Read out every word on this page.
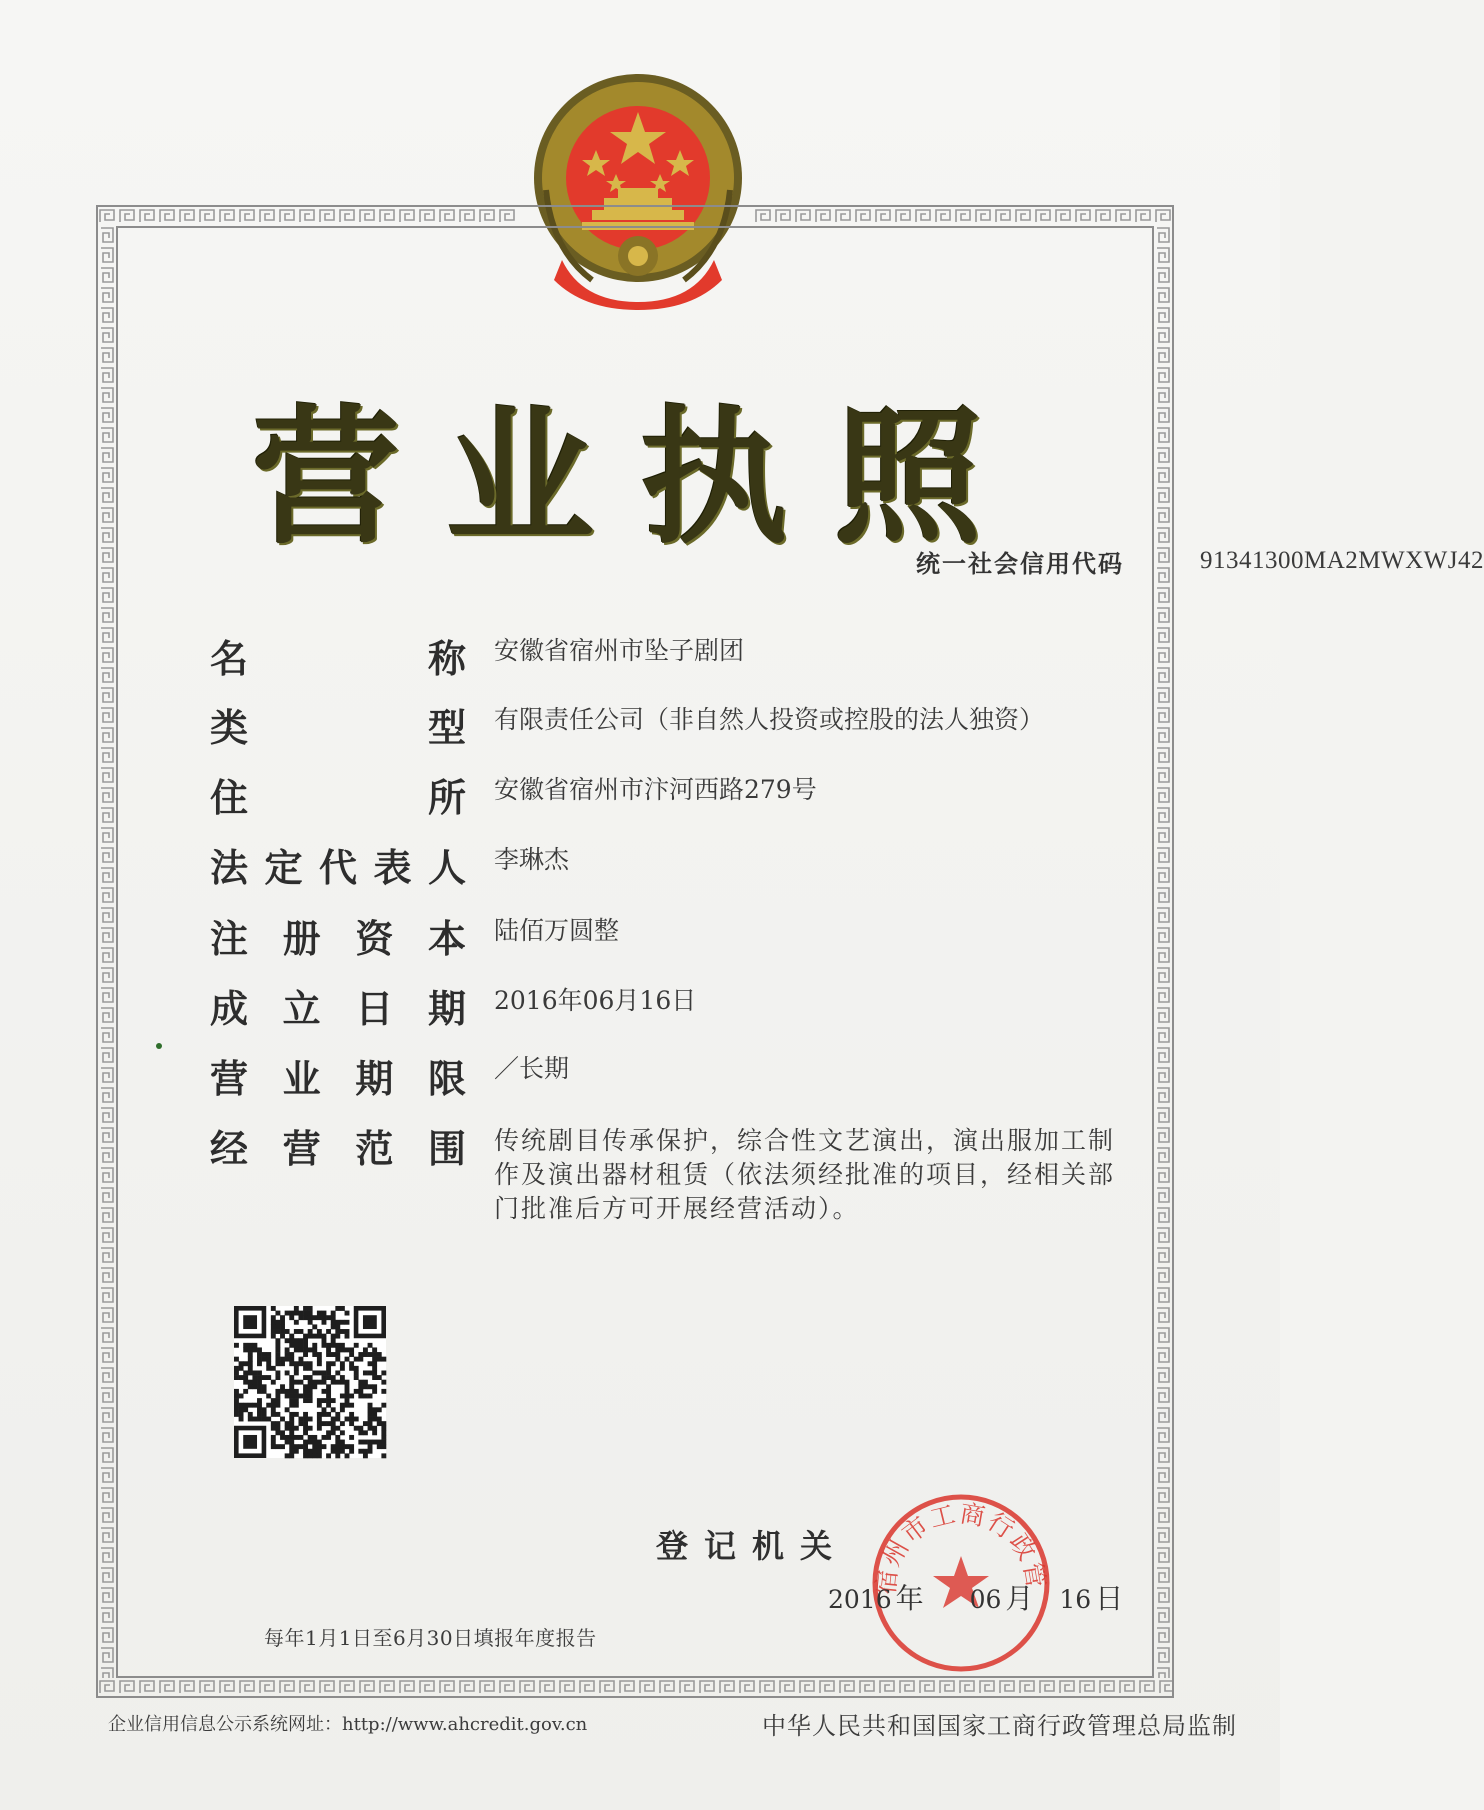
营业执照
统一社会信用代码	91341300MA2MWXWJ42
名	称 安徽省宿州市坠子剧团
类	型 有限责任公司（非自然人投资或控股的法人独资）
住	所 安徽省宿州市汴河西路279号
法 定 代 表 人 李琳杰
注 册 资 本 陆佰万圆整
成 立 日 期 2016年06月16日
营 业 期 限 ／长期
经 营 范 围 传统剧目传承保护，综合性文艺演出，演出服加工制作及演出器材租赁（依法须经批准的项目，经相关部门批准后方可开展经营活动）。
登记机关
宿州市工商行政管
2016 年 06 月 16 日
每年1月1日至6月30日填报年度报告
企业信用信息公示系统网址：http://www.ahcredit.gov.cn	中华人民共和国国家工商行政管理总局监制
